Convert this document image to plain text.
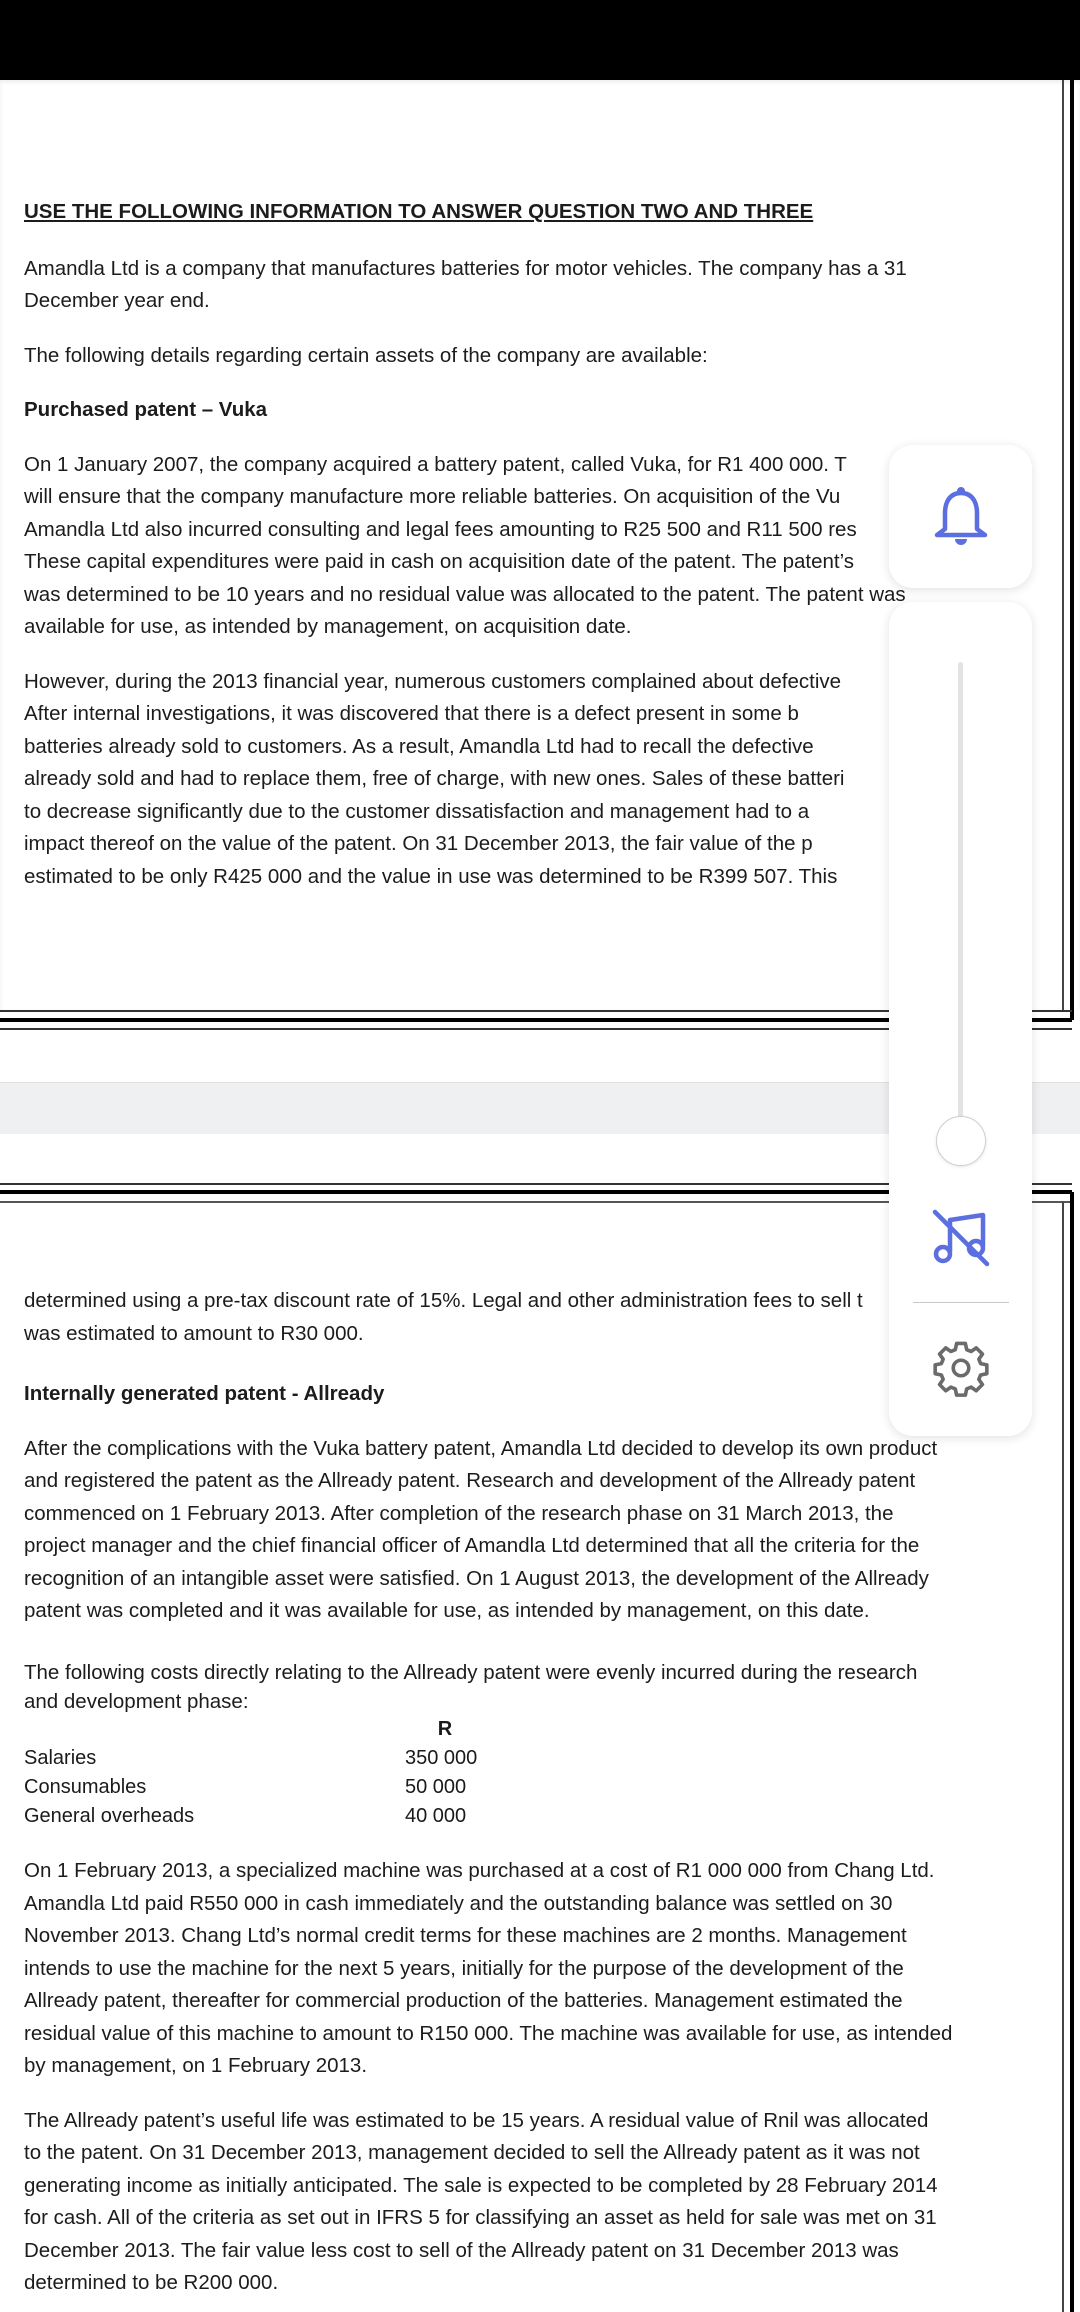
USE THE FOLLOWING INFORMATION TO ANSWER QUESTION TWO AND THREE

Amandla Ltd is a company that manufactures batteries for motor vehicles. The company has a 31

December year end.

The following details regarding certain assets of the company are available:

Purchased patent – Vuka

On 1 January 2007, the company acquired a battery patent, called Vuka, for R1 400 000. T

will ensure that the company manufacture more reliable batteries. On acquisition of the Vu

Amandla Ltd also incurred consulting and legal fees amounting to R25 500 and R11 500 res

These capital expenditures were paid in cash on acquisition date of the patent. The patent’s

was determined to be 10 years and no residual value was allocated to the patent. The patent was

available for use, as intended by management, on acquisition date.

However, during the 2013 financial year, numerous customers complained about defective

After internal investigations, it was discovered that there is a defect present in some b

batteries already sold to customers. As a result, Amandla Ltd had to recall the defective

already sold and had to replace them, free of charge, with new ones. Sales of these batteri

to decrease significantly due to the customer dissatisfaction and management had to a

impact thereof on the value of the patent. On 31 December 2013, the fair value of the p

estimated to be only R425 000 and the value in use was determined to be R399 507. This

determined using a pre-tax discount rate of 15%. Legal and other administration fees to sell t

was estimated to amount to R30 000.

Internally generated patent - Allready

After the complications with the Vuka battery patent, Amandla Ltd decided to develop its own product

and registered the patent as the Allready patent. Research and development of the Allready patent

commenced on 1 February 2013. After completion of the research phase on 31 March 2013, the

project manager and the chief financial officer of Amandla Ltd determined that all the criteria for the

recognition of an intangible asset were satisfied. On 1 August 2013, the development of the Allready

patent was completed and it was available for use, as intended by management, on this date.

The following costs directly relating to the Allready patent were evenly incurred during the research

and development phase:

R
Salaries	350 000
Consumables	50 000
General overheads	40 000

On 1 February 2013, a specialized machine was purchased at a cost of R1 000 000 from Chang Ltd.

Amandla Ltd paid R550 000 in cash immediately and the outstanding balance was settled on 30

November 2013. Chang Ltd’s normal credit terms for these machines are 2 months. Management

intends to use the machine for the next 5 years, initially for the purpose of the development of the

Allready patent, thereafter for commercial production of the batteries. Management estimated the

residual value of this machine to amount to R150 000. The machine was available for use, as intended

by management, on 1 February 2013.

The Allready patent’s useful life was estimated to be 15 years. A residual value of Rnil was allocated

to the patent. On 31 December 2013, management decided to sell the Allready patent as it was not

generating income as initially anticipated. The sale is expected to be completed by 28 February 2014

for cash. All of the criteria as set out in IFRS 5 for classifying an asset as held for sale was met on 31

December 2013. The fair value less cost to sell of the Allready patent on 31 December 2013 was

determined to be R200 000.
